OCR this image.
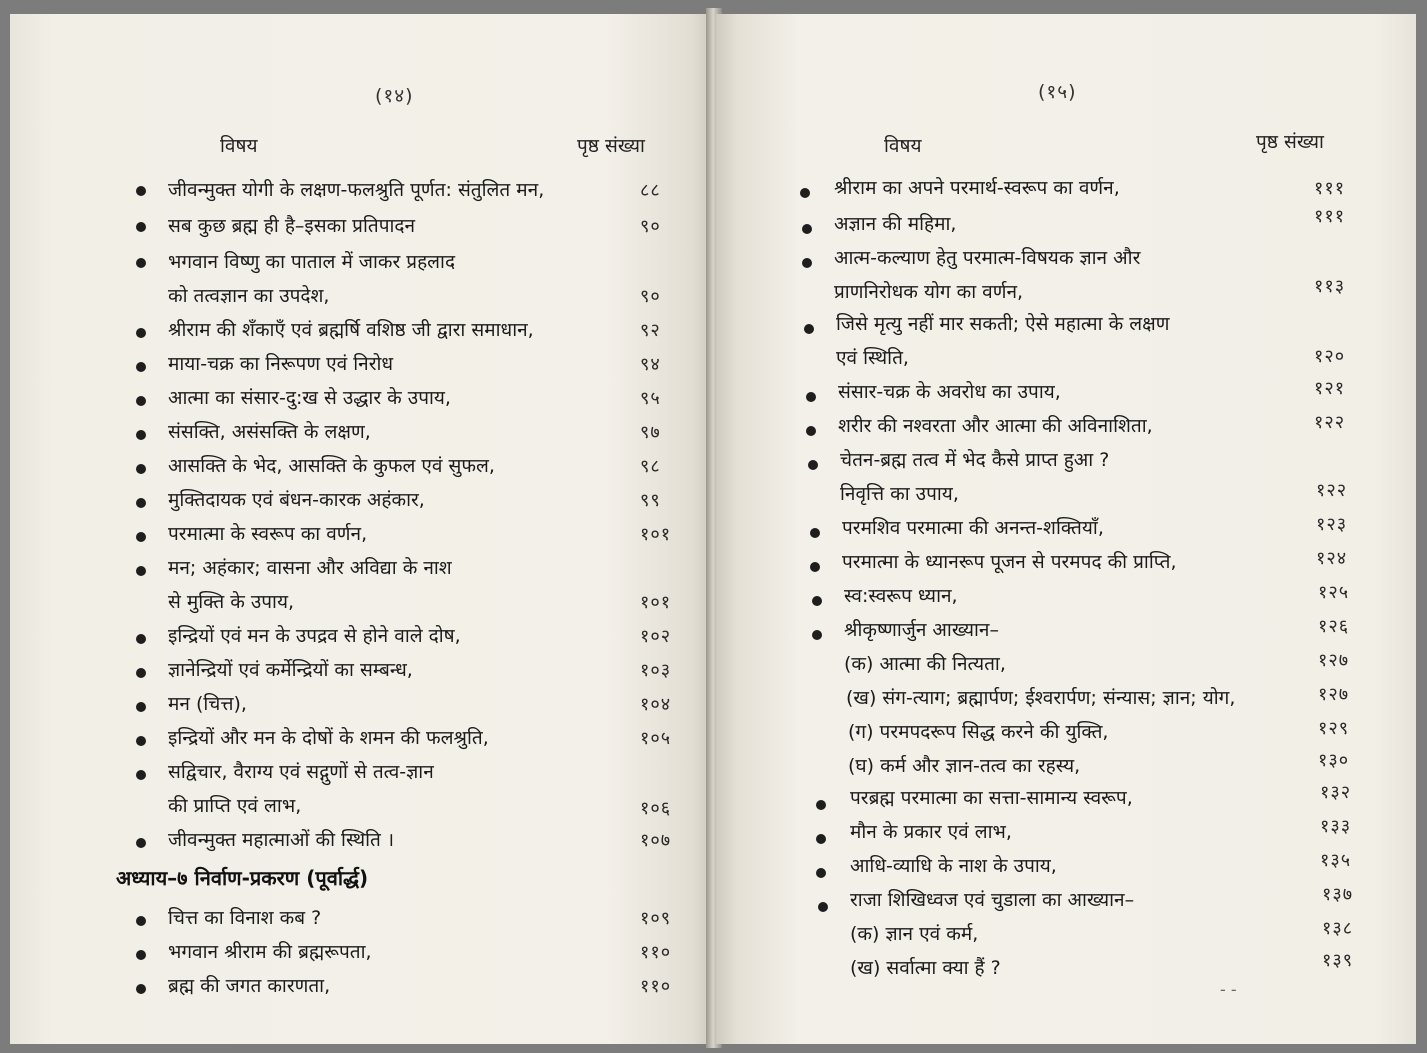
(१४)
विषय	पृष्ठ संख्या
जीवन्मुक्त योगी के लक्षण-फलश्रुति पूर्णत: संतुलित मन,	८८
सब कुछ ब्रह्म ही है–इसका प्रतिपादन	९०
भगवान विष्णु का पाताल में जाकर प्रहलाद
को तत्वज्ञान का उपदेश,	९०
श्रीराम की शँकाएँ एवं ब्रह्मर्षि वशिष्ठ जी द्वारा समाधान,	९२
माया-चक्र का निरूपण एवं निरोध	९४
आत्मा का संसार-दु:ख से उद्धार के उपाय,	९५
संसक्ति, असंसक्ति के लक्षण,	९७
आसक्ति के भेद, आसक्ति के कुफल एवं सुफल,	९८
मुक्तिदायक एवं बंधन-कारक अहंकार,	९९
परमात्मा के स्वरूप का वर्णन,	१०१
मन; अहंकार; वासना और अविद्या के नाश
से मुक्ति के उपाय,	१०१
इन्द्रियों एवं मन के उपद्रव से होने वाले दोष,	१०२
ज्ञानेन्द्रियों एवं कर्मेन्द्रियों का सम्बन्ध,	१०३
मन (चित्त),	१०४
इन्द्रियों और मन के दोषों के शमन की फलश्रुति,	१०५
सद्विचार, वैराग्य एवं सद्गुणों से तत्व-ज्ञान
की प्राप्ति एवं लाभ,	१०६
जीवन्मुक्त महात्माओं की स्थिति ।	१०७
अध्याय–७ निर्वाण-प्रकरण (पूर्वार्द्ध)
चित्त का विनाश कब ?	१०९
भगवान श्रीराम की ब्रह्मरूपता,	११०
ब्रह्म की जगत कारणता,	११०
(१५)
विषय	पृष्ठ संख्या
श्रीराम का अपने परमार्थ-स्वरूप का वर्णन,	१११
अज्ञान की महिमा,	१११
आत्म-कल्याण हेतु परमात्म-विषयक ज्ञान और
प्राणनिरोधक योग का वर्णन,	११३
जिसे मृत्यु नहीं मार सकती; ऐसे महात्मा के लक्षण
एवं स्थिति,	१२०
संसार-चक्र के अवरोध का उपाय,	१२१
शरीर की नश्वरता और आत्मा की अविनाशिता,	१२२
चेतन-ब्रह्म तत्व में भेद कैसे प्राप्त हुआ ?
निवृत्ति का उपाय,	१२२
परमशिव परमात्मा की अनन्त-शक्तियाँ,	१२३
परमात्मा के ध्यानरूप पूजन से परमपद की प्राप्ति,	१२४
स्व:स्वरूप ध्यान,	१२५
श्रीकृष्णार्जुन आख्यान–	१२६
(क) आत्मा की नित्यता,	१२७
(ख) संग-त्याग; ब्रह्मार्पण; ईश्वरार्पण; संन्यास; ज्ञान; योग,	१२७
(ग) परमपदरूप सिद्ध करने की युक्ति,	१२९
(घ) कर्म और ज्ञान-तत्व का रहस्य,	१३०
परब्रह्म परमात्मा का सत्ता-सामान्य स्वरूप,	१३२
मौन के प्रकार एवं लाभ,	१३३
आधि-व्याधि के नाश के उपाय,	१३५
राजा शिखिध्वज एवं चुडाला का आख्यान–	१३७
(क) ज्ञान एवं कर्म,	१३८
(ख) सर्वात्मा क्या हैं ?	१३९
- -
